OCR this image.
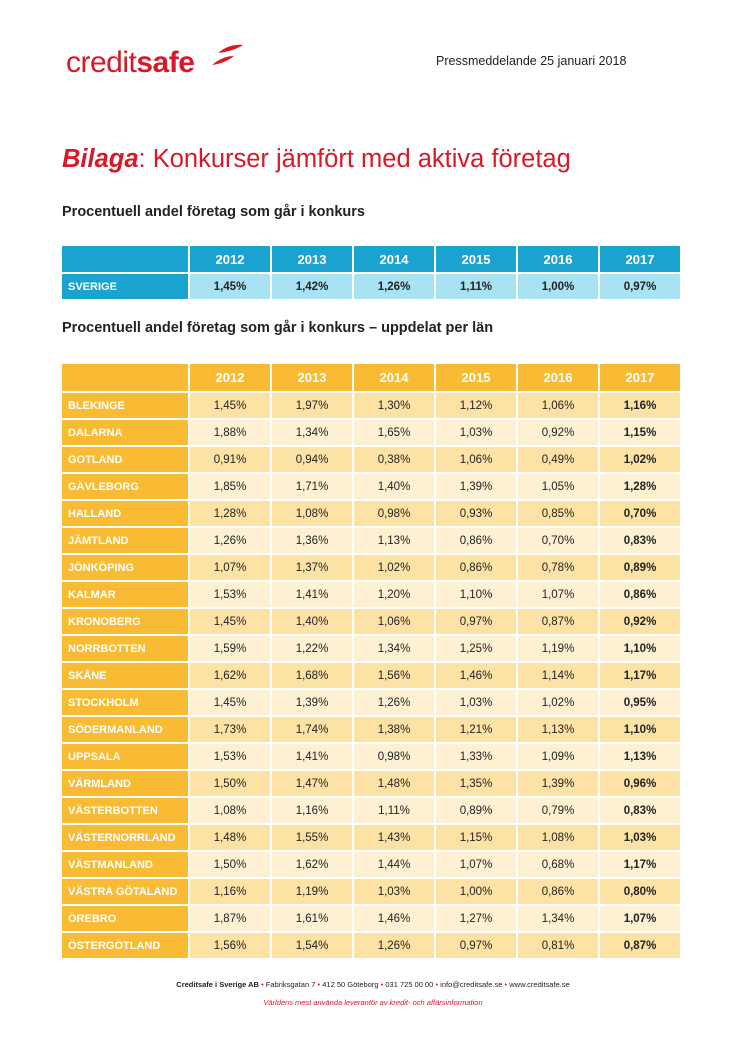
creditsafe	Pressmeddelande 25 januari 2018
Bilaga: Konkurser jämfört med aktiva företag
Procentuell andel företag som går i konkurs
	2012	2013	2014	2015	2016	2017
SVERIGE	1,45%	1,42%	1,26%	1,11%	1,00%	0,97%
Procentuell andel företag som går i konkurs – uppdelat per län
	2012	2013	2014	2015	2016	2017
BLEKINGE	1,45%	1,97%	1,30%	1,12%	1,06%	1,16%
DALARNA	1,88%	1,34%	1,65%	1,03%	0,92%	1,15%
GOTLAND	0,91%	0,94%	0,38%	1,06%	0,49%	1,02%
GÄVLEBORG	1,85%	1,71%	1,40%	1,39%	1,05%	1,28%
HALLAND	1,28%	1,08%	0,98%	0,93%	0,85%	0,70%
JÄMTLAND	1,26%	1,36%	1,13%	0,86%	0,70%	0,83%
JÖNKÖPING	1,07%	1,37%	1,02%	0,86%	0,78%	0,89%
KALMAR	1,53%	1,41%	1,20%	1,10%	1,07%	0,86%
KRONOBERG	1,45%	1,40%	1,06%	0,97%	0,87%	0,92%
NORRBOTTEN	1,59%	1,22%	1,34%	1,25%	1,19%	1,10%
SKÅNE	1,62%	1,68%	1,56%	1,46%	1,14%	1,17%
STOCKHOLM	1,45%	1,39%	1,26%	1,03%	1,02%	0,95%
SÖDERMANLAND	1,73%	1,74%	1,38%	1,21%	1,13%	1,10%
UPPSALA	1,53%	1,41%	0,98%	1,33%	1,09%	1,13%
VÄRMLAND	1,50%	1,47%	1,48%	1,35%	1,39%	0,96%
VÄSTERBOTTEN	1,08%	1,16%	1,11%	0,89%	0,79%	0,83%
VÄSTERNORRLAND	1,48%	1,55%	1,43%	1,15%	1,08%	1,03%
VÄSTMANLAND	1,50%	1,62%	1,44%	1,07%	0,68%	1,17%
VÄSTRA GÖTALAND	1,16%	1,19%	1,03%	1,00%	0,86%	0,80%
ÖREBRO	1,87%	1,61%	1,46%	1,27%	1,34%	1,07%
ÖSTERGÖTLAND	1,56%	1,54%	1,26%	0,97%	0,81%	0,87%
Creditsafe i Sverige AB • Fabriksgatan 7 • 412 50 Göteborg • 031 725 00 00 • info@creditsafe.se • www.creditsafe.se
Världens mest använda leverantör av kredit- och affärsinformation
